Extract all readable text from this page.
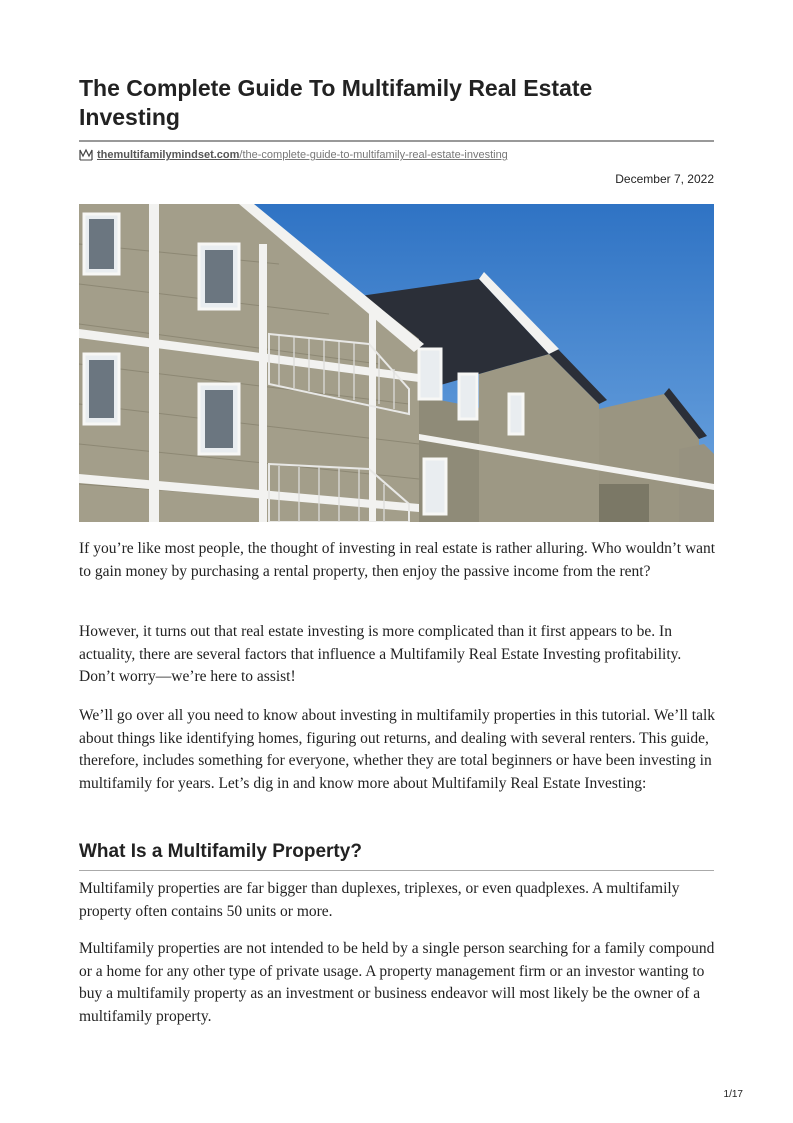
The Complete Guide To Multifamily Real Estate Investing
themultifamilymindset.com /the-complete-guide-to-multifamily-real-estate-investing
December 7, 2022

If you’re like most people, the thought of investing in real estate is rather alluring. Who wouldn’t want to gain money by purchasing a rental property, then enjoy the passive income from the rent?

However, it turns out that real estate investing is more complicated than it first appears to be. In actuality, there are several factors that influence a Multifamily Real Estate Investing profitability. Don’t worry—we’re here to assist!

We’ll go over all you need to know about investing in multifamily properties in this tutorial. We’ll talk about things like identifying homes, figuring out returns, and dealing with several renters. This guide, therefore, includes something for everyone, whether they are total beginners or have been investing in multifamily for years. Let’s dig in and know more about Multifamily Real Estate Investing:

What Is a Multifamily Property?

Multifamily properties are far bigger than duplexes, triplexes, or even quadplexes. A multifamily property often contains 50 units or more.

Multifamily properties are not intended to be held by a single person searching for a family compound or a home for any other type of private usage. A property management firm or an investor wanting to buy a multifamily property as an investment or business endeavor will most likely be the owner of a multifamily property.

1/17
